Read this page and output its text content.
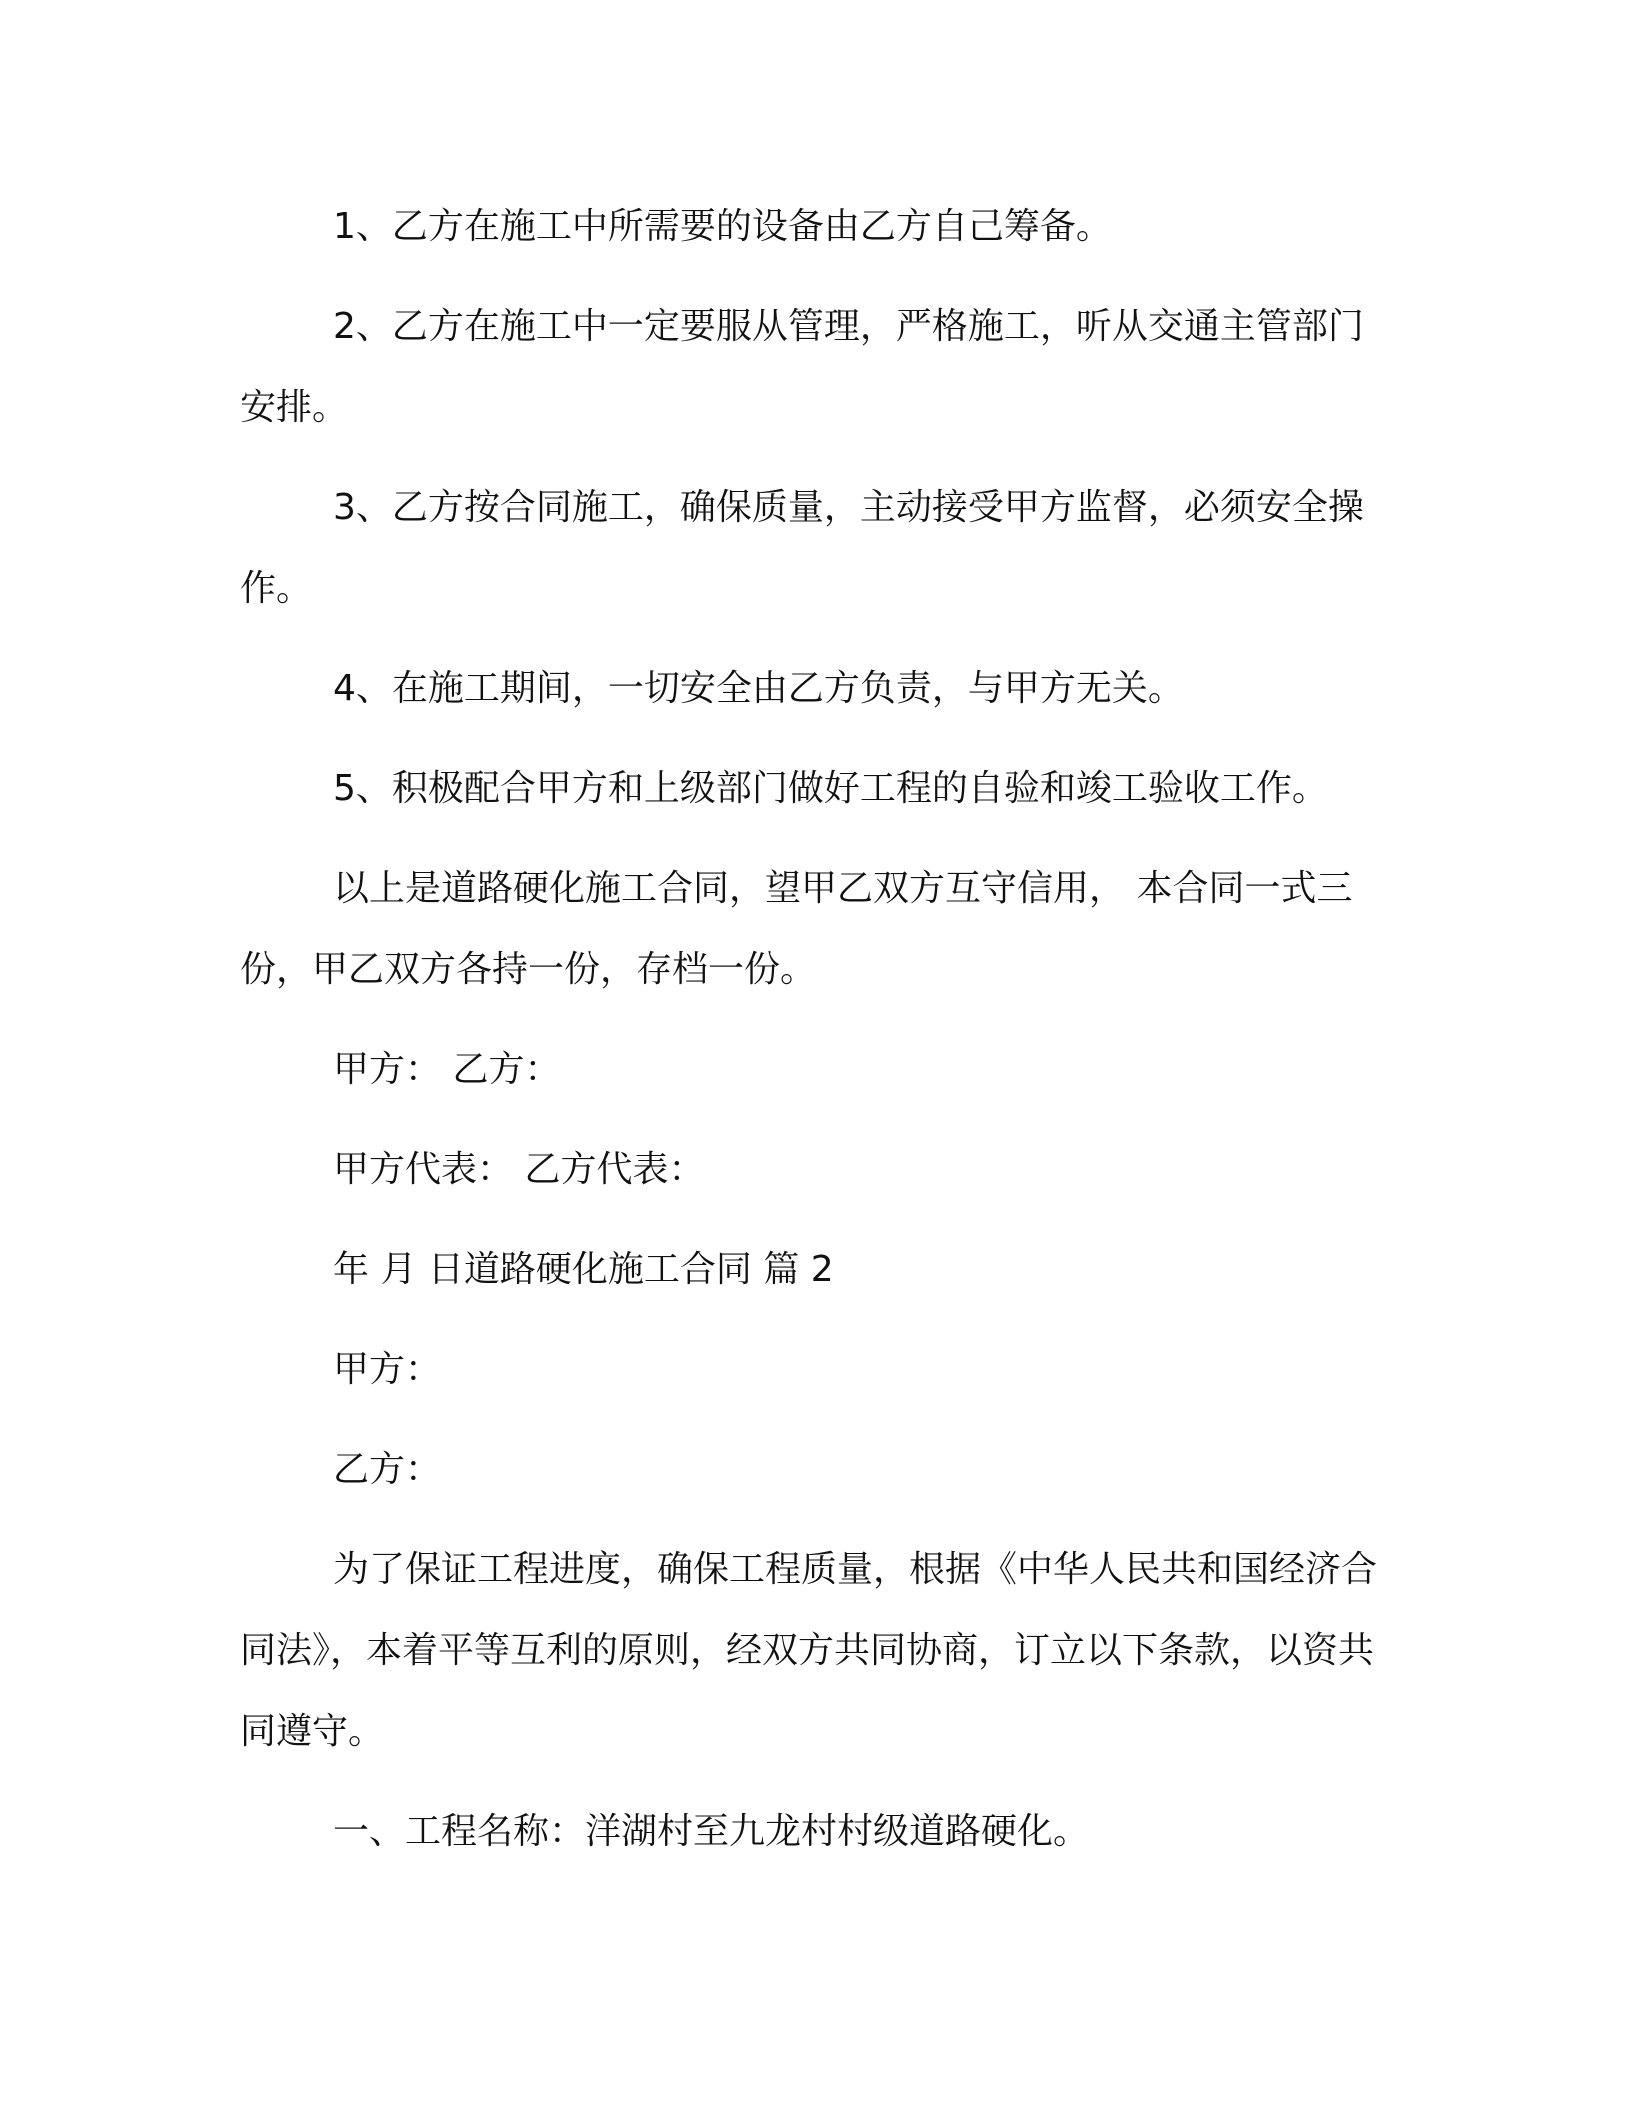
1、乙方在施工中所需要的设备由乙方自己筹备。

2、乙方在施工中一定要服从管理，严格施工，听从交通主管部门安排。

3、乙方按合同施工，确保质量，主动接受甲方监督，必须安全操作。

4、在施工期间，一切安全由乙方负责，与甲方无关。

5、积极配合甲方和上级部门做好工程的自验和竣工验收工作。

以上是道路硬化施工合同，望甲乙双方互守信用， 本合同一式三份，甲乙双方各持一份，存档一份。

甲方： 乙方：

甲方代表： 乙方代表：

年 月 日道路硬化施工合同 篇 2

甲方：

乙方：

为了保证工程进度，确保工程质量，根据《中华人民共和国经济合同法》，本着平等互利的原则，经双方共同协商，订立以下条款，以资共同遵守。

一、工程名称：洋湖村至九龙村村级道路硬化。
